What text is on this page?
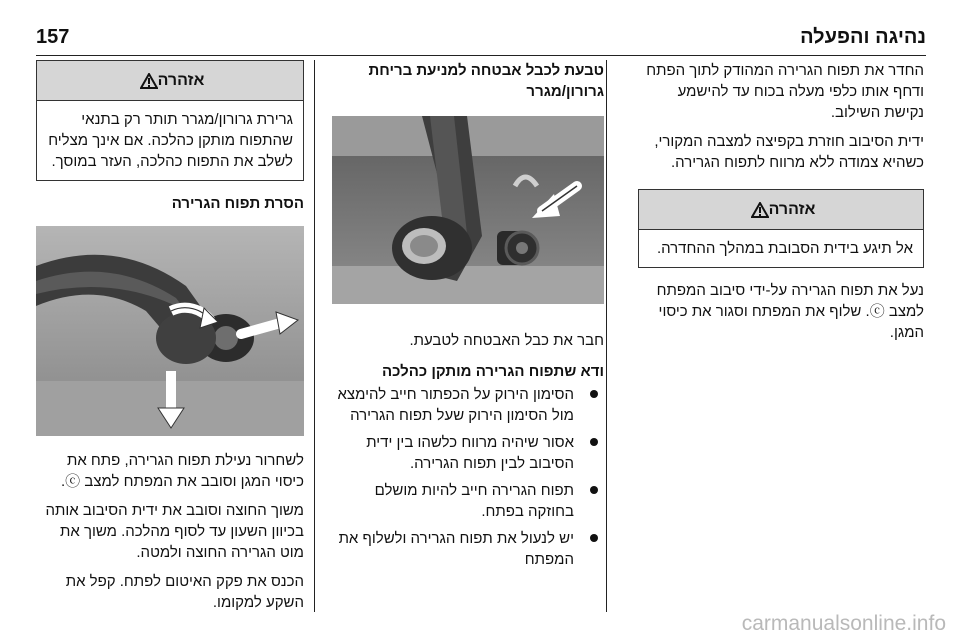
157	נהיגה והפעלה

החדר את תפוח הגרירה המהודק לתוך הפתח ודחף אותו כלפי מעלה בכוח עד להישמע נקישת השילוב.

ידית הסיבוב חוזרת בקפיצה למצבה המקורי, כשהיא צמודה ללא מרווח לתפוח הגרירה.

אזהרה
אל תיגע בידית הסבובת במהלך ההחדרה.

נעל את תפוח הגרירה על-ידי סיבוב המפתח למצב ⓒ. שלוף את המפתח וסגור את כיסוי המגן.

טבעת לכבל אבטחה למניעת בריחת גרורון/מגרר

חבר את כבל האבטחה לטבעת.

ודא שתפוח הגרירה מותקן כהלכה
הסימון הירוק על הכפתור חייב להימצא מול הסימון הירוק שעל תפוח הגרירה
אסור שיהיה מרווח כלשהו בין ידית הסיבוב לבין תפוח הגרירה.
תפוח הגרירה חייב להיות מושלם בחוזקה בפתח.
יש לנעול את תפוח הגרירה ולשלוף את המפתח
אזהרה
גרירת גרורון/מגרר תותר רק בתנאי שהתפוח מותקן כהלכה. אם אינך מצליח לשלב את התפוח כהלכה, העזר במוסך.
הסרת תפוח הגרירה

לשחרור נעילת תפוח הגרירה, פתח את כיסוי המגן וסובב את המפתח למצב ⓒ.

משוך החוצה וסובב את ידית הסיבוב אותה בכיוון השעון עד לסוף מהלכה. משוך את מוט הגרירה החוצה ולמטה.

הכנס את פקק האיטום לפתח. קפל את השקע למקומו.

carmanualsonline.info
